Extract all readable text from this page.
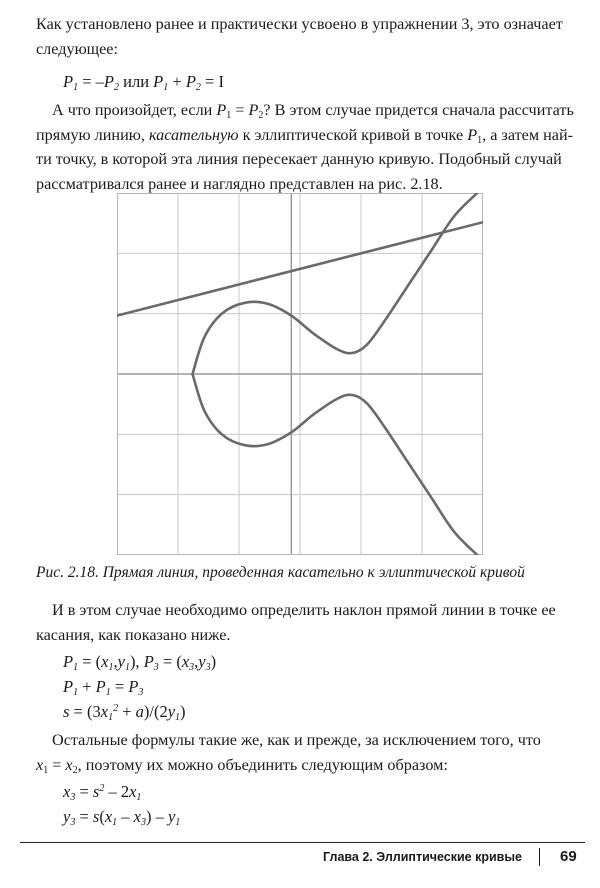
Как установлено ранее и практически усвоено в упражнении 3, это означает
следующее:
$P_1 = -P_2$ или $P_1 + P_2 = I$
А что произойдет, если $P_1 = P_2$? В этом случае придется сначала рассчитать
прямую линию, касательную к эллиптической кривой в точке $P_1$, а затем най-
ти точку, в которой эта линия пересекает данную кривую. Подобный случай
рассматривался ранее и наглядно представлен на рис. 2.18.
Рис. 2.18. Прямая линия, проведенная касательно к эллиптической кривой
И в этом случае необходимо определить наклон прямой линии в точке ее
касания, как показано ниже.
$P_1 = (x_1,y_1)$, $P_3 = (x_3,y_3)$
$P_1 + P_1 = P_3$
$s = (3x_1^2 + a)/(2y_1)$
Остальные формулы такие же, как и прежде, за исключением того, что
$x_1 = x_2$, поэтому их можно объединить следующим образом:
$x_3 = s^2 - 2x_1$
$y_3 = s(x_1 - x_3) - y_1$
Глава 2. Эллиптические кривые	69
